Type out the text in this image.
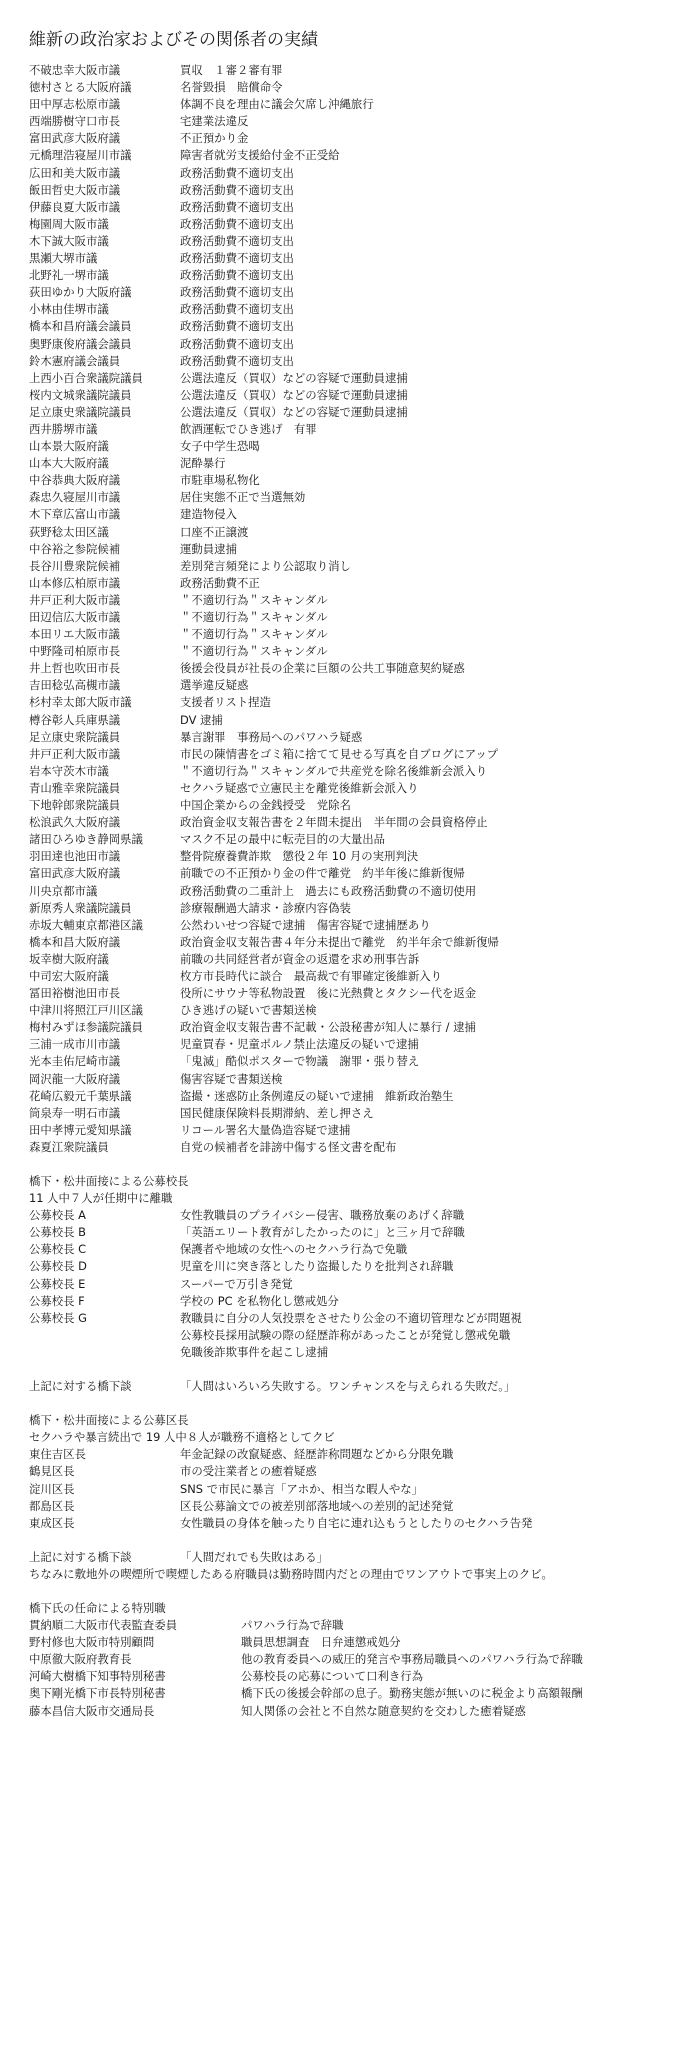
維新の政治家およびその関係者の実績
不破忠幸大阪市議	買収　１審２審有罪
徳村さとる大阪府議	名誉毀損　賠償命令
田中厚志松原市議	体調不良を理由に議会欠席し沖縄旅行
西端勝樹守口市長	宅建業法違反
富田武彦大阪府議	不正預かり金
元橋理浩寝屋川市議	障害者就労支援給付金不正受給
広田和美大阪市議	政務活動費不適切支出
飯田哲史大阪市議	政務活動費不適切支出
伊藤良夏大阪市議	政務活動費不適切支出
梅園周大阪市議	政務活動費不適切支出
木下誠大阪市議	政務活動費不適切支出
黒瀬大堺市議	政務活動費不適切支出
北野礼一堺市議	政務活動費不適切支出
荻田ゆかり大阪府議	政務活動費不適切支出
小林由佳堺市議	政務活動費不適切支出
橋本和昌府議会議員	政務活動費不適切支出
奥野康俊府議会議員	政務活動費不適切支出
鈴木憲府議会議員	政務活動費不適切支出
上西小百合衆議院議員	公選法違反（買収）などの容疑で運動員逮捕
桜内文城衆議院議員	公選法違反（買収）などの容疑で運動員逮捕
足立康史衆議院議員	公選法違反（買収）などの容疑で運動員逮捕
西井勝堺市議	飲酒運転でひき逃げ　有罪
山本景大阪府議	女子中学生恐喝
山本大大阪府議	泥酔暴行
中谷恭典大阪府議	市駐車場私物化
森忠久寝屋川市議	居住実態不正で当選無効
木下章広富山市議	建造物侵入
荻野稔太田区議	口座不正譲渡
中谷裕之参院候補	運動員逮捕
長谷川豊衆院候補	差別発言頻発により公認取り消し
山本修広柏原市議	政務活動費不正
井戸正利大阪市議	＂不適切行為＂スキャンダル
田辺信広大阪市議	＂不適切行為＂スキャンダル
本田リエ大阪市議	＂不適切行為＂スキャンダル
中野隆司柏原市長	＂不適切行為＂スキャンダル
井上哲也吹田市長	後援会役員が社長の企業に巨額の公共工事随意契約疑惑
吉田稔弘高槻市議	選挙違反疑惑
杉村幸太郎大阪市議	支援者リスト捏造
樽谷彰人兵庫県議	DV 逮捕
足立康史衆院議員	暴言謝罪　事務局へのパワハラ疑惑
井戸正利大阪市議	市民の陳情書をゴミ箱に捨てて見せる写真を自ブログにアップ
岩本守茨木市議	＂不適切行為＂スキャンダルで共産党を除名後維新会派入り
青山雅幸衆院議員	セクハラ疑惑で立憲民主を離党後維新会派入り
下地幹郎衆院議員	中国企業からの金銭授受　党除名
松浪武久大阪府議	政治資金収支報告書を２年間未提出　半年間の会員資格停止
諸田ひろゆき静岡県議	マスク不足の最中に転売目的の大量出品
羽田達也池田市議	整骨院療養費詐欺　懲役２年 10 月の実刑判決
富田武彦大阪府議	前職での不正預かり金の件で離党　約半年後に維新復帰
川央京都市議	政務活動費の二重計上　過去にも政務活動費の不適切使用
新原秀人衆議院議員	診療報酬過大請求・診療内容偽装
赤坂大輔東京都港区議	公然わいせつ容疑で逮捕　傷害容疑で逮捕歴あり
橋本和昌大阪府議	政治資金収支報告書４年分未提出で離党　約半年余で維新復帰
坂幸樹大阪府議	前職の共同経営者が資金の返還を求め刑事告訴
中司宏大阪府議	枚方市長時代に談合　最高裁で有罪確定後維新入り
冨田裕樹池田市長	役所にサウナ等私物設置　後に光熱費とタクシー代を返金
中津川将照江戸川区議	ひき逃げの疑いで書類送検
梅村みずほ参議院議員	政治資金収支報告書不記載・公設秘書が知人に暴行 / 逮捕
三浦一成市川市議	児童買春・児童ポルノ禁止法違反の疑いで逮捕
光本圭佑尼崎市議	「鬼滅」酷似ポスターで物議　謝罪・張り替え
岡沢龍一大阪府議	傷害容疑で書類送検
花崎広毅元千葉県議	盗撮・迷惑防止条例違反の疑いで逮捕　維新政治塾生
筒泉寿一明石市議	国民健康保険料長期滞納、差し押さえ
田中孝博元愛知県議	リコール署名大量偽造容疑で逮捕
森夏江衆院議員	自党の候補者を誹謗中傷する怪文書を配布
橋下・松井面接による公募校長
11 人中７人が任期中に離職
公募校長 A	女性教職員のプライバシー侵害、職務放棄のあげく辞職
公募校長 B	「英語エリート教育がしたかったのに」と三ヶ月で辞職
公募校長 C	保護者や地域の女性へのセクハラ行為で免職
公募校長 D	児童を川に突き落としたり盗撮したりを批判され辞職
公募校長 E	スーパーで万引き発覚
公募校長 F	学校の PC を私物化し懲戒処分
公募校長 G	教職員に自分の人気投票をさせたり公金の不適切管理などが問題視
公募校長採用試験の際の経歴詐称があったことが発覚し懲戒免職
免職後詐欺事件を起こし逮捕
上記に対する橋下談	「人間はいろいろ失敗する。ワンチャンスを与えられる失敗だ。」
橋下・松井面接による公募区長
セクハラや暴言続出で 19 人中８人が職務不適格としてクビ
東住吉区長	年金記録の改竄疑惑、経歴詐称問題などから分限免職
鶴見区長	市の受注業者との癒着疑惑
淀川区長	SNS で市民に暴言「アホか、相当な暇人やな」
都島区長	区長公募論文での被差別部落地域への差別的記述発覚
東成区長	女性職員の身体を触ったり自宅に連れ込もうとしたりのセクハラ告発
上記に対する橋下談	「人間だれでも失敗はある」
ちなみに敷地外の喫煙所で喫煙したある府職員は勤務時間内だとの理由でワンアウトで事実上のクビ。
橋下氏の任命による特別職
貫納順二大阪市代表監査委員	パワハラ行為で辞職
野村修也大阪市特別顧問	職員思想調査　日弁連懲戒処分
中原徹大阪府教育長	他の教育委員への威圧的発言や事務局職員へのパワハラ行為で辞職
河崎大樹橋下知事特別秘書	公募校長の応募について口利き行為
奥下剛光橋下市長特別秘書	橋下氏の後援会幹部の息子。勤務実態が無いのに税金より高額報酬
藤本昌信大阪市交通局長	知人関係の会社と不自然な随意契約を交わした癒着疑惑
